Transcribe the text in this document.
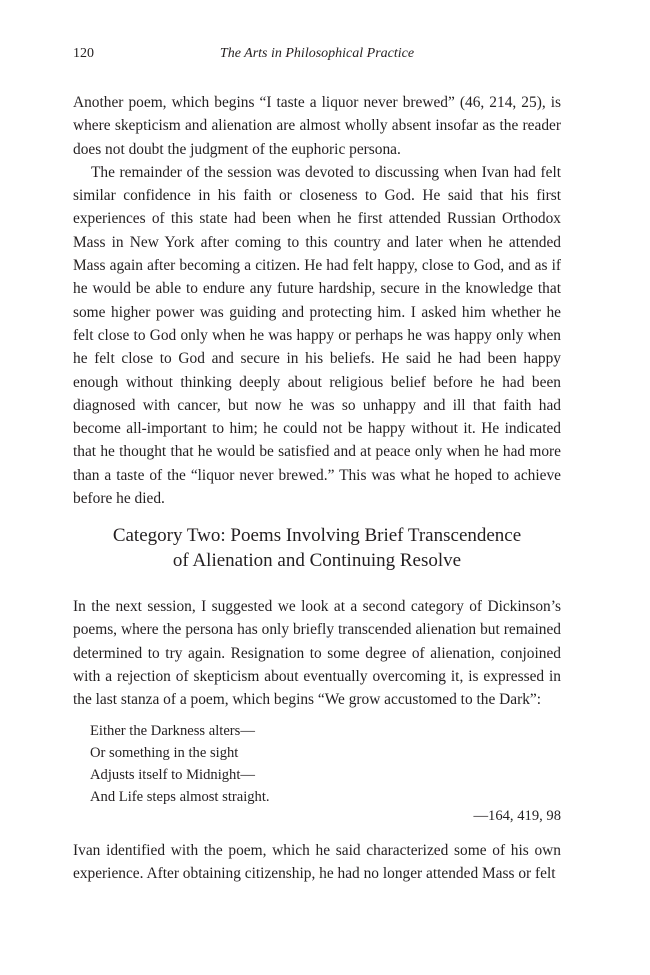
120	The Arts in Philosophical Practice

Another poem, which begins “I taste a liquor never brewed” (46, 214, 25), is where skepticism and alienation are almost wholly absent insofar as the reader does not doubt the judgment of the euphoric persona.

The remainder of the session was devoted to discussing when Ivan had felt similar confidence in his faith or closeness to God. He said that his first experiences of this state had been when he first attended Russian Orthodox Mass in New York after coming to this country and later when he attended Mass again after becoming a citizen. He had felt happy, close to God, and as if he would be able to endure any future hardship, secure in the knowledge that some higher power was guiding and protecting him. I asked him whether he felt close to God only when he was happy or perhaps he was happy only when he felt close to God and secure in his beliefs. He said he had been happy enough without thinking deeply about religious belief before he had been diagnosed with cancer, but now he was so unhappy and ill that faith had become all-important to him; he could not be happy without it. He indicated that he thought that he would be satisfied and at peace only when he had more than a taste of the “liquor never brewed.” This was what he hoped to achieve before he died.

Category Two: Poems Involving Brief Transcendence
of Alienation and Continuing Resolve

In the next session, I suggested we look at a second category of Dickinson’s poems, where the persona has only briefly transcended alienation but remained determined to try again. Resignation to some degree of alienation, conjoined with a rejection of skepticism about eventually overcoming it, is expressed in the last stanza of a poem, which begins “We grow accustomed to the Dark”:

Either the Darkness alters—
Or something in the sight
Adjusts itself to Midnight—
And Life steps almost straight.
—164, 419, 98

Ivan identified with the poem, which he said characterized some of his own experience. After obtaining citizenship, he had no longer attended Mass or felt
